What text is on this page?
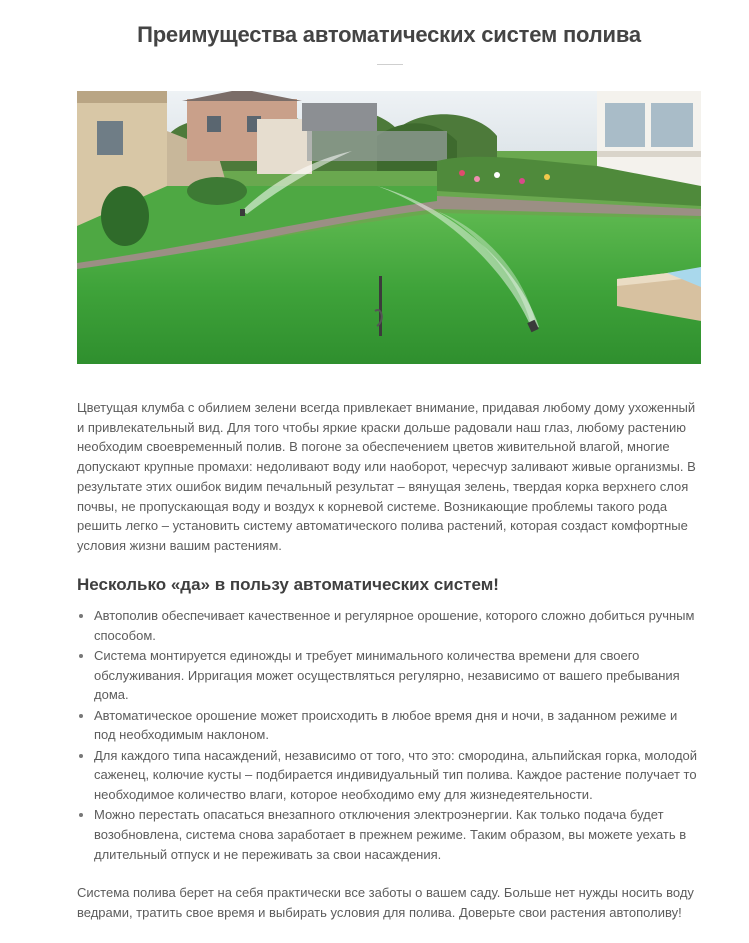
Преимущества автоматических систем полива

Цветущая клумба с обилием зелени всегда привлекает внимание, придавая любому дому ухоженный и привлекательный вид. Для того чтобы яркие краски дольше радовали наш глаз, любому растению необходим своевременный полив. В погоне за обеспечением цветов живительной влагой, многие допускают крупные промахи: недоливают воду или наоборот, чересчур заливают живые организмы. В результате этих ошибок видим печальный результат – вянущая зелень, твердая корка верхнего слоя почвы, не пропускающая воду и воздух к корневой системе. Возникающие проблемы такого рода решить легко – установить систему автоматического полива растений, которая создаст комфортные условия жизни вашим растениям.

Несколько «да» в пользу автоматических систем!
Автополив обеспечивает качественное и регулярное орошение, которого сложно добиться ручным способом.
Система монтируется единожды и требует минимального количества времени для своего обслуживания. Ирригация может осуществляться регулярно, независимо от вашего пребывания дома.
Автоматическое орошение может происходить в любое время дня и ночи, в заданном режиме и под необходимым наклоном.
Для каждого типа насаждений, независимо от того, что это: смородина, альпийская горка, молодой саженец, колючие кусты – подбирается индивидуальный тип полива. Каждое растение получает то необходимое количество влаги, которое необходимо ему для жизнедеятельности.
Можно перестать опасаться внезапного отключения электроэнергии. Как только подача будет возобновлена, система снова заработает в прежнем режиме. Таким образом, вы можете уехать в длительный отпуск и не переживать за свои насаждения.

Система полива берет на себя практически все заботы о вашем саду. Больше нет нужды носить воду ведрами, тратить свое время и выбирать условия для полива. Доверьте свои растения автополиву!
